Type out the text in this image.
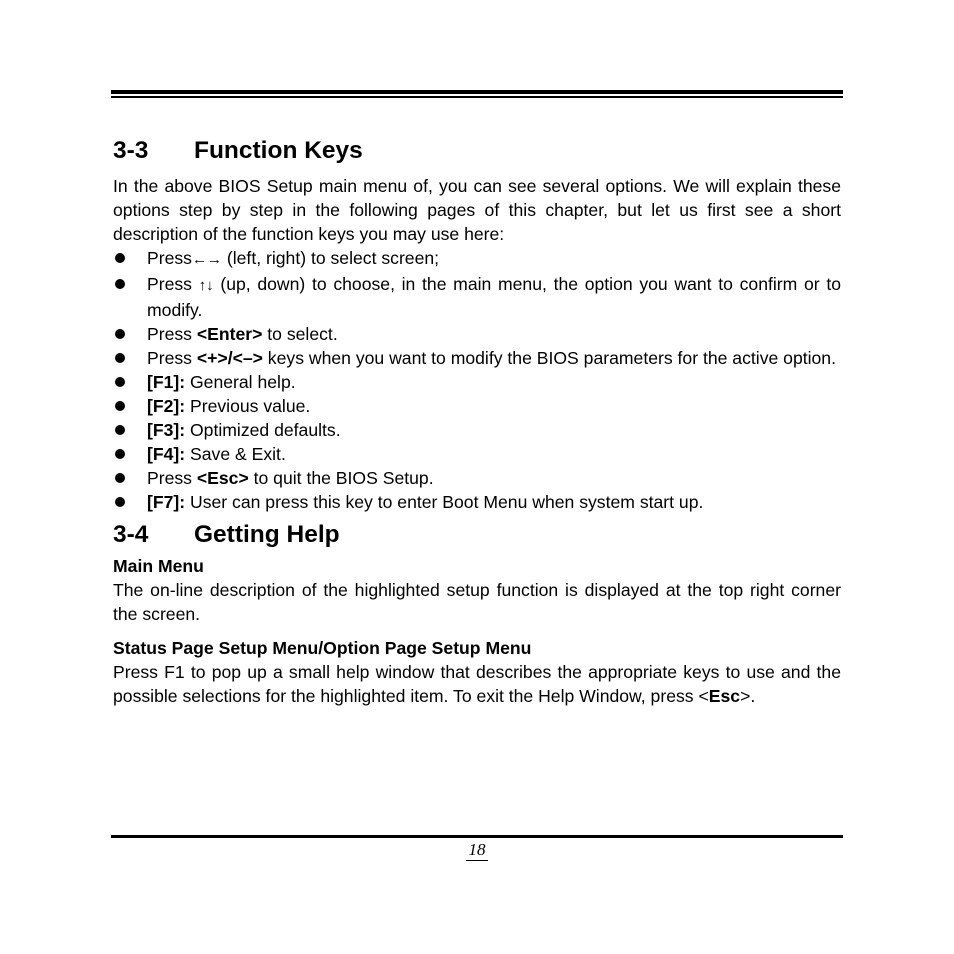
3-3 Function Keys

In the above BIOS Setup main menu of, you can see several options. We will explain these options step by step in the following pages of this chapter, but let us first see a short description of the function keys you may use here:

Press←→ (left, right) to select screen;
Press ↑↓ (up, down) to choose, in the main menu, the option you want to confirm or to modify.
Press <Enter> to select.
Press <+>/<–> keys when you want to modify the BIOS parameters for the active option.
[F1]: General help.
[F2]: Previous value.
[F3]: Optimized defaults.
[F4]: Save & Exit.
Press <Esc> to quit the BIOS Setup.
[F7]: User can press this key to enter Boot Menu when system start up.
3-4 Getting Help

Main Menu

The on-line description of the highlighted setup function is displayed at the top right corner the screen.

Status Page Setup Menu/Option Page Setup Menu

Press F1 to pop up a small help window that describes the appropriate keys to use and the possible selections for the highlighted item. To exit the Help Window, press <Esc>.

18
